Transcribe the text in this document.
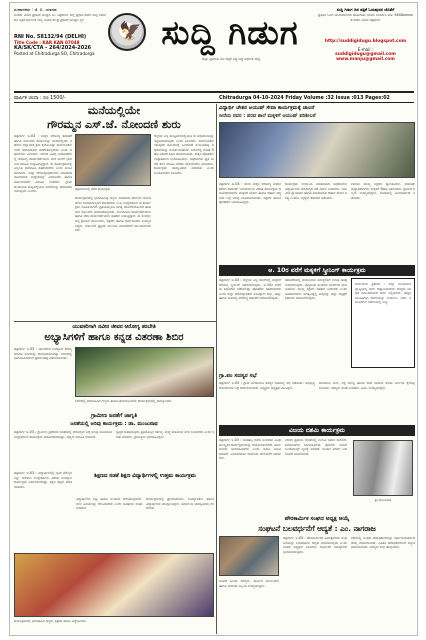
ಸಂಪಾದಕರು : ಜಿ. ಬಿ. ಯಾದವ
ಸಂಪರ್ಕ ವಿಳಾಸ ಪ್ರಕಟಣೆ ಮುದ್ರಣ ನಂ. ಚಿತ್ರದುರ್ಗ ಜಿಲ್ಲೆ ಪ್ರಧಾನ ಕಚೇರಿ ಸುದ್ದಿ ಗಿಡುಗ ದಿನ ಪತ್ರಿಕೆ ಕರ್ನಾಟಕ ರಾಜ್ಯ ವಿಭಾಗ ಕೇಂದ್ರ ಪ್ರಕಟಣೆ ಮುದ್ರಣ ಸ್ಥಳ
RNI No. 58132/94 (DELHI)
Title Code : KAR KAN 07048
KA/SK/CTA - 264/2024-2026
Posted at Chitradurga SO, Chitradurga
🦅 ಸುದ್ದಿ ಗಿಡುಗ
ಜಿಲ್ಲಾ ಪ್ರಮುಖ ದಿನ ಪತ್ರಿಕೆ ಸತ್ಯ ನಿಷ್ಠೆ ನಿರ್ಭೀತ ಸುದ್ದಿ
ಸುದ್ದಿ ಗಿಡುಗ ದಿನ ಪತ್ರಿಕೆ ಓದುವುದರ ಜೊತೆಗೆ
ಪ್ರತಿದಿನ ಓದಿರಿ ಚಂದಾದಾರರಾಗಿ ಜಾಹೀರಾತು ನೀಡಲು ಸಂಪರ್ಕಿಸಿ ಮೊ: 9448xxxxxx ಕಚೇರಿ ವಿಳಾಸ ಚಿತ್ರದುರ್ಗ
http://suddigidugu.blogspot.com
E-mail :
suddigidugu@gmail.com
www.manju@gmail.com
ವಾರ್ಷಿಕ ಚಂದಾ : ರೂ 1500/-	Chitradurga 04-10-2024 Friday Volume :32 Issue :013 Pages:02
ಮನೆಯಲ್ಲಿಯೇ
ಗೌರಮ್ಮನ ಎಸ್.ಜೆ. ನೋಂದಣಿ ಶುರು
ಚಿತ್ರದುರ್ಗ ಅ.03 : ಮಕ್ಕಳ ಆರೋಗ್ಯ ತಪಾಸಣೆ ಹಾಗೂ ನೋಂದಣಿ ಕಾರ್ಯವನ್ನು ಮನೆಯಲ್ಲಿಯೇ ನಡೆಸಲು ಜಿಲ್ಲಾಡಳಿತ ಕ್ರಮ ಕೈಗೊಂಡಿದ್ದು ಸಾರ್ವಜನಿಕರು ಇದರ ಸದುಪಯೋಗ ಪಡೆದುಕೊಳ್ಳಬೇಕು ಎಂದು ಅಧಿಕಾರಿಗಳು ತಿಳಿಸಿದರು. ನಗರದ ವಿವಿಧ ಬಡಾವಣೆಗಳಲ್ಲಿ ಆರೋಗ್ಯ ಕಾರ್ಯಕರ್ತೆಯರು ಮನೆ ಮನೆಗೆ ಭೇಟಿ ನೀಡಿ ಮಾಹಿತಿ ಸಂಗ್ರಹಿಸುತ್ತಿದ್ದಾರೆ. ಈ ಕಾರ್ಯಕ್ರಮದಲ್ಲಿ ಎಲ್ಲರೂ ಭಾಗವಹಿಸಿ ಸಹಕರಿಸಬೇಕು ಎಂದು ಮನವಿ ಮಾಡಿದರು. ಜಿಲ್ಲಾ ಆರೋಗ್ಯಾಧಿಕಾರಿಗಳು ಮಾತನಾಡಿ ಯೋಜನೆಯ ಉದ್ದೇಶವನ್ನು ವಿವರಿಸಿದರು ಹಾಗೂ ಸಾರ್ವಜನಿಕರಿಗೆ ಮಾಹಿತಿ ನೀಡಿದರು. ಗ್ರಾಮ ಪಂಚಾಯಿತಿ ಮಟ್ಟದಲ್ಲಿಯೂ ಶಿಬಿರಗಳನ್ನು ಆಯೋಜಿಸಲಾಗುವುದು ಎಂದರು.
ಚಿತ್ರದುರ್ಗದಲ್ಲಿ ನಡೆದ ಕಾರ್ಯಕ್ರಮ
ಕಾರ್ಯಕ್ರಮದಲ್ಲಿ ಭಾಗವಹಿಸಿದ್ದ ಗಣ್ಯರು ಮಾತನಾಡಿ ಸರ್ಕಾರದ ಯೋಜನೆಗಳು ಜನಸಾಮಾನ್ಯರಿಗೆ ತಲುಪಬೇಕು ಎಂಬ ಉದ್ದೇಶದಿಂದ ಈ ಕಾರ್ಯಕ್ರಮ ರೂಪಿಸಲಾಗಿದೆ. ಪ್ರತಿಯೊಬ್ಬರೂ ಅಗತ್ಯ ದಾಖಲೆಗಳೊಂದಿಗೆ ಹಾಜರಾಗಿ ನೋಂದಣಿ ಮಾಡಿಸಿಕೊಳ್ಳಬೇಕು. ಅಂಗನವಾಡಿ ಕಾರ್ಯಕರ್ತೆಯರು ಹಾಗೂ ಆಶಾ ಕಾರ್ಯಕರ್ತೆಯರು ಸಹಕಾರ ನೀಡುತ್ತಿದ್ದಾರೆ. ಈ ಸಂದರ್ಭದಲ್ಲಿ ಗ್ರಾಮದ ಮುಖಂಡರು, ಶಿಕ್ಷಕರು ಹಾಗೂ ಸಾರ್ವಜನಿಕರು ಉಪಸ್ಥಿತರಿದ್ದರು. ನೋಂದಣಿ ಪ್ರಕ್ರಿಯೆ ಮುಂದಿನ ವಾರದವರೆಗೆ ಮುಂದುವರಿಯಲಿದೆ.
ಜಿಲ್ಲೆಯ ಎಲ್ಲ ತಾಲ್ಲೂಕುಗಳಲ್ಲಿಯೂ ಈ ಅಭಿಯಾನವನ್ನು ವಿಸ್ತರಿಸಲಾಗುವುದು ಎಂದು ತಿಳಿಸಿದರು. ಸಾರ್ವಜನಿಕರು ಯಾವುದೇ ಗೊಂದಲಕ್ಕೆ ಒಳಗಾಗದೆ ಸಂಬಂಧಪಟ್ಟ ಅಧಿಕಾರಿಗಳನ್ನು ಸಂಪರ್ಕಿಸಬಹುದು. ಶಿಬಿರದಲ್ಲಿ ಉಚಿತ ಔಷಧಿ ವಿತರಣೆ ಕೂಡ ಮಾಡಲಾಯಿತು. ಮಕ್ಕಳ ಪೋಷಕರು ಉತ್ಸಾಹದಿಂದ ಭಾಗವಹಿಸಿದರು. ಅಧಿಕಾರಿಗಳು ಪ್ರತಿ ಮನೆಗೆ ತೆರಳಿ ಮಾಹಿತಿ ಪಡೆದು ದಾಖಲೀಕರಣ ಮಾಡಿದರು. ಕಾರ್ಯಕ್ರಮ ಯಶಸ್ವಿಯಾಗಿ ನಡೆಯಿತು ಎಂದು ಸಂಯೋಜಕರು ತಿಳಿಸಿದರು.
ವಿದ್ಯಾರ್ಥಿ ಚೇತನ ಆಯುಷ್ ಸೇವಾ ಕಾರ್ಯಕ್ರಮಕ್ಕೆ ಚಾಲನೆ
ಸೀರೆಯ ನವರ : ಪರವ ಶಾಲೆ ಮಕ್ಕಳಿಗೆ ಆಯುಷ್ ಪರಿಶೀಲನೆ
ಚಿತ್ರದುರ್ಗ ಅ.03 : ಶಾಲಾ ಮಕ್ಕಳ ಆರೋಗ್ಯ ಸುಧಾರಣೆಗಾಗಿ ಆಯುಷ್ ಇಲಾಖೆಯಿಂದ ವಿಶೇಷ ಕಾರ್ಯಕ್ರಮ ಆಯೋಜಿಸಲಾಗಿದೆ. ಮಕ್ಕಳಿಗೆ ಯೋಗ ಹಾಗೂ ಆಹಾರ ಪದ್ಧತಿಯ ಬಗ್ಗೆ ಅರಿವು ಮೂಡಿಸಲಾಯಿತು. ಶಿಕ್ಷಕರು ಹಾಗೂ ಪೋಷಕರು ಭಾಗವಹಿಸಿದ್ದರು.
ಕಾರ್ಯಕ್ರಮ ಉದ್ಘಾಟಿಸಿ ಮಾತನಾಡಿದ ಅಧಿಕಾರಿಗಳು ವಿದ್ಯಾರ್ಥಿಗಳು ಆರೋಗ್ಯದ ಕಡೆ ಗಮನ ನೀಡಬೇಕು. ನಿಯಮಿತ ವ್ಯಾಯಾಮ ಹಾಗೂ ಸಮತೋಲಿತ ಆಹಾರ ಸೇವನೆ ಅಗತ್ಯ ಎಂದರು. ವೈದ್ಯರು ತಪಾಸಣೆ ನಡೆಸಿದರು.
ಶಾಲೆಯ ಮುಖ್ಯ ಶಿಕ್ಷಕರು ಸ್ವಾಗತಿಸಿದರು. ಆಯುಷ್ ವೈದ್ಯಾಧಿಕಾರಿಗಳು ಮಕ್ಕಳಿಗೆ ಔಷಧಿ ವಿತರಿಸಿದರು. ಗ್ರಾಮದ ಗಣ್ಯರು ಉಪಸ್ಥಿತರಿದ್ದರು. ಕೊನೆಯಲ್ಲಿ ವಂದನಾರ್ಪಣೆ ನಡೆಯಿತು.
ಆ. 10ರ ವರೆಗೆ ಮಕ್ಕಳಿಗೆ ಸ್ಕ್ರೀನಿಂಗ್ ಕಾರ್ಯಕ್ರಮ
ಚಿತ್ರದುರ್ಗ ಅ.03 : ಜಿಲ್ಲೆಯ ಎಲ್ಲ ಶಾಲೆಗಳಲ್ಲಿ ಮಕ್ಕಳಿಗೆ ಆರೋಗ್ಯ ಸ್ಕ್ರೀನಿಂಗ್ ನಡೆಸಲಾಗುವುದು. ಅ.10ರ ವರೆಗೆ ಈ ಅಭಿಯಾನ ನಡೆಯಲಿದ್ದು ಪೋಷಕರು ಸಹಕರಿಸಬೇಕು ಎಂದು ಜಿಲ್ಲಾ ಆರೋಗ್ಯಾಧಿಕಾರಿ ತಿಳಿಸಿದ್ದಾರೆ. ಕಣ್ಣು, ಹಲ್ಲು ಹಾಗೂ ಸಾಮಾನ್ಯ ಆರೋಗ್ಯ ತಪಾಸಣೆ ನಡೆಸಲಾಗುವುದು.
ತಪಾಸಣೆಯಲ್ಲಿ ಕಂಡುಬರುವ ಸಮಸ್ಯೆಗಳಿಗೆ ಉಚಿತ ಚಿಕಿತ್ಸೆ ನೀಡಲಾಗುವುದು. ವೈದ್ಯಕೀಯ ತಂಡಗಳು ಶಾಲೆಗಳಿಗೆ ಭೇಟಿ ನೀಡಲಿವೆ. ಮುಖ್ಯ ಶಿಕ್ಷಕರು ಸಹಕಾರ ನೀಡಬೇಕು ಎಂದು ಸೂಚಿಸಲಾಗಿದೆ. ಅಗತ್ಯವಿದ್ದಲ್ಲಿ ಮಕ್ಕಳನ್ನು ಜಿಲ್ಲಾ ಆಸ್ಪತ್ರೆಗೆ ಶಿಫಾರಸು ಮಾಡಲಾಗುವುದು.
ಸಾರ್ವಜನಿಕ ಪ್ರಕಟಣೆ : ಜಿಲ್ಲಾ ಪಂಚಾಯಿತಿ ವ್ಯಾಪ್ತಿಯಲ್ಲಿ ಅರ್ಜಿ ಆಹ್ವಾನಿಸಲಾಗಿದೆ. ಆಸಕ್ತರು ನಿಗದಿತ ದಿನಾಂಕದೊಳಗೆ ಅರ್ಜಿ ಸಲ್ಲಿಸಬೇಕು. ಹೆಚ್ಚಿನ ಮಾಹಿತಿಗಾಗಿ ಕಚೇರಿಯನ್ನು ಸಂಪರ್ಕಿಸಿ. ಅರ್ಜಿ ನಮೂನೆಗಳು ಕಚೇರಿಯಲ್ಲಿ ಲಭ್ಯ.
ಯುವಕರಿಗಾಗಿ ನವೀನ ಜೀವನ ಆರೋಗ್ಯ ತರಬೇತಿ
ಅಭ್ಯಾಸಿಗಳಿಗೆ ಹಾಗೂ ಕನ್ನಡ ವಿತರಣಾ ಶಿಬಿರ
ಚಿತ್ರದುರ್ಗ ಅ.03 : ಯುವಕರಿಗೆ ಉದ್ಯೋಗ ಕೌಶಲ್ಯ ತರಬೇತಿ ಶಿಬಿರವನ್ನು ಆಯೋಜಿಸಲಾಗಿತ್ತು. ಶಿಬಿರದಲ್ಲಿ ಭಾಗವಹಿಸಿದವರಿಗೆ ಪ್ರಮಾಣಪತ್ರ ವಿತರಿಸಲಾಯಿತು.
ಶಿಬಿರದಲ್ಲಿ ಭಾಗವಹಿಸಿದ ಗಣ್ಯರು ಹಾಗೂ ಫಲಾನುಭವಿಗಳು ಕಾರ್ಯಕ್ರಮದಲ್ಲಿ ಪಾಲ್ಗೊಂಡರು.
ಗ್ರಾಮೀಣ ಜನತೆಗೆ ಜಾಗೃತಿ
ಜನತೆಯಲ್ಲಿ ಅರಿವು ಕಾರ್ಯಕ್ರಮ : ಡಾ. ಮಂಜುನಾಥ
ಚಿತ್ರದುರ್ಗ ಅ.03 : ಗ್ರಾಮೀಣ ಪ್ರದೇಶದ ಜನತೆಯಲ್ಲಿ ಆರೋಗ್ಯದ ಬಗ್ಗೆ ಅರಿವು ಮೂಡಿಸುವ ಉದ್ದೇಶದಿಂದ ಕಾರ್ಯಕ್ರಮ ಆಯೋಜಿಸಲಾಗಿತ್ತು. ವೈದ್ಯರು ಮಾಹಿತಿ ನೀಡಿದರು.
ಸ್ವಚ್ಛತೆ ಕಾಪಾಡುವುದು ಪ್ರತಿಯೊಬ್ಬರ ಕರ್ತವ್ಯ. ಶುದ್ಧ ಕುಡಿಯುವ ನೀರು ಬಳಸಬೇಕು ಎಂದು ಸಲಹೆ ನೀಡಿದರು. ಗ್ರಾಮಸ್ಥರು ಭಾಗವಹಿಸಿದ್ದರು.
ಗ್ರಾ.ಪಂ ಸದಸ್ಯರ ಸಭೆ
ಚಿತ್ರದುರ್ಗ ಅ.03 : ಗ್ರಾಮ ಪಂಚಾಯಿತಿ ಸದಸ್ಯರ ಸಾಮಾನ್ಯ ಸಭೆ ನಡೆಯಿತು. ಅಭಿವೃದ್ಧಿ ಕಾಮಗಾರಿಗಳ ಬಗ್ಗೆ ಚರ್ಚಿಸಲಾಯಿತು. ಅಧ್ಯಕ್ಷರು ಅಧ್ಯಕ್ಷತೆ ವಹಿಸಿದ್ದರು.
ಕುಡಿಯುವ ನೀರು, ರಸ್ತೆ ದುರಸ್ತಿ ಹಾಗೂ ಬೀದಿ ದೀಪಗಳ ಕುರಿತು ನಿರ್ಣಯ ಕೈಗೊಳ್ಳಲಾಯಿತು. ಸದಸ್ಯರು ಸಲಹೆ ನೀಡಿದರು. ಪಿಡಿಒ ಉಪಸ್ಥಿತರಿದ್ದರು.
ವಿಜಯ ದಶಮಿ ಕಾರ್ಯಕ್ರಮ
ಚಿತ್ರದುರ್ಗ ಅ.03 : ನಾಡಹಬ್ಬ ದಸರಾ ಅಂಗವಾಗಿ ವಿವಿಧ ಸಾಂಸ್ಕೃತಿಕ ಕಾರ್ಯಕ್ರಮಗಳನ್ನು ಆಯೋಜಿಸಲಾಗಿದೆ. ಸಾರ್ವಜನಿಕರು ಭಾಗವಹಿಸಬೇಕು ಎಂದು ಸಮಿತಿ ಮನವಿ ಮಾಡಿದೆ. ವಿಜಯದಶಮಿ ದಿನದಂದು ಮೆರವಣಿಗೆ ನಡೆಯಲಿದೆ.
ನಗರದ ಪ್ರಮುಖ ಬೀದಿಗಳಲ್ಲಿ ಜಂಬೂ ಸವಾರಿ ಸಾಗಲಿದೆ. ಕಲಾತಂಡಗಳು ಭಾಗವಹಿಸಲಿವೆ. ಪೊಲೀಸ್ ಇಲಾಖೆ ಬಂದೋಬಸ್ತ್ ವ್ಯವಸ್ಥೆ ಮಾಡಿದೆ. ಸಂಚಾರ ಮಾರ್ಗ ಬದಲಾವಣೆ ಮಾಡಲಾಗಿದೆ.
ಶ್ರೀ ಮಂಜುನಾಥ
ಚಿತ್ರದುರ್ಗ ಅ.03 : ವಿದ್ಯಾರ್ಥಿಗಳಲ್ಲಿ ನೈತಿಕ ಮೌಲ್ಯಗಳನ್ನು ಬೆಳೆಸುವ ಉದ್ದೇಶದಿಂದ ವಿಶೇಷ ಉಪನ್ಯಾಸ ಕಾರ್ಯಕ್ರಮ ಏರ್ಪಡಿಸಲಾಗಿತ್ತು. ಶಿಕ್ಷಣ ತಜ್ಞರು ಮಾತನಾಡಿದರು.
ಶಿಕ್ಷಣದ ನಡತೆ ಶಿಕ್ಷಣ ವಿದ್ಯಾರ್ಥಿಗಳಲ್ಲಿ ಉತ್ತಮ ಕಾರ್ಯಕ್ರಮ
ವಿದ್ಯಾರ್ಥಿಗಳು ಶಿಸ್ತು ಹಾಗೂ ಸಂಯಮ ಬೆಳೆಸಿಕೊಳ್ಳಬೇಕು. ಗುರು ಹಿರಿಯರನ್ನು ಗೌರವಿಸಬೇಕು ಎಂದು ಅತಿಥಿಗಳು ಸಲಹೆ ನೀಡಿದರು.
ಕಾರ್ಯಕ್ರಮದಲ್ಲಿ ಪ್ರಾಂಶುಪಾಲರು, ಉಪನ್ಯಾಸಕರು ಹಾಗೂ ವಿದ್ಯಾರ್ಥಿಗಳು ಪಾಲ್ಗೊಂಡಿದ್ದರು. ಸಮಾರಂಭ ಯಶಸ್ವಿಯಾಗಿ ನೆರವೇರಿತು.
ಕಾರ್ಯಕ್ರಮದಲ್ಲಿ ಭಾಗವಹಿಸಿದ ಗಣ್ಯರು, ಶಿಕ್ಷಕರು ಹಾಗೂ ವಿದ್ಯಾರ್ಥಿಗಳು.
ಪೌರಕಾರ್ಮಿಕ ಸಂಘದ ಅಧ್ಯಕ್ಷ ಆಯ್ಕೆ
ಸಂಘಟನೆ ಬಲವರ್ಧನೆಗೆ ಆದ್ಯತೆ : ಎಂ. ನಾಗರಾಜ
ಚಿತ್ರದುರ್ಗ ಅ.03 : ಪೌರಕಾರ್ಮಿಕರ ಹಿತರಕ್ಷಣೆಗಾಗಿ ಸಂಘಟನೆಯನ್ನು ಬಲಪಡಿಸಲು ಆದ್ಯತೆ ನೀಡಲಾಗುವುದು ಎಂದು ನೂತನ ಅಧ್ಯಕ್ಷರು ತಿಳಿಸಿದರು. ಕಾರ್ಮಿಕರ ಸಮಸ್ಯೆಗಳಿಗೆ ಸ್ಪಂದಿಸಲಾಗುವುದು.
ಸಭೆಯಲ್ಲಿ ಸಂಘದ ಪದಾಧಿಕಾರಿಗಳನ್ನು ಸರ್ವಾನುಮತದಿಂದ ಆಯ್ಕೆ ಮಾಡಲಾಯಿತು. ನೂತನ ಪದಾಧಿಕಾರಿಗಳಿಗೆ ಸನ್ಮಾನ ಮಾಡಲಾಯಿತು. ಸದಸ್ಯರು ಶುಭ ಹಾರೈಸಿದರು.
ಸಂಘದ ಹಿರಿಯ ಸದಸ್ಯರು, ಕಾರ್ಮಿಕ ಮುಖಂಡರು ಹಾಗೂ ನಗರಸಭೆ ಸಿಬ್ಬಂದಿ ಉಪಸ್ಥಿತರಿದ್ದರು.
